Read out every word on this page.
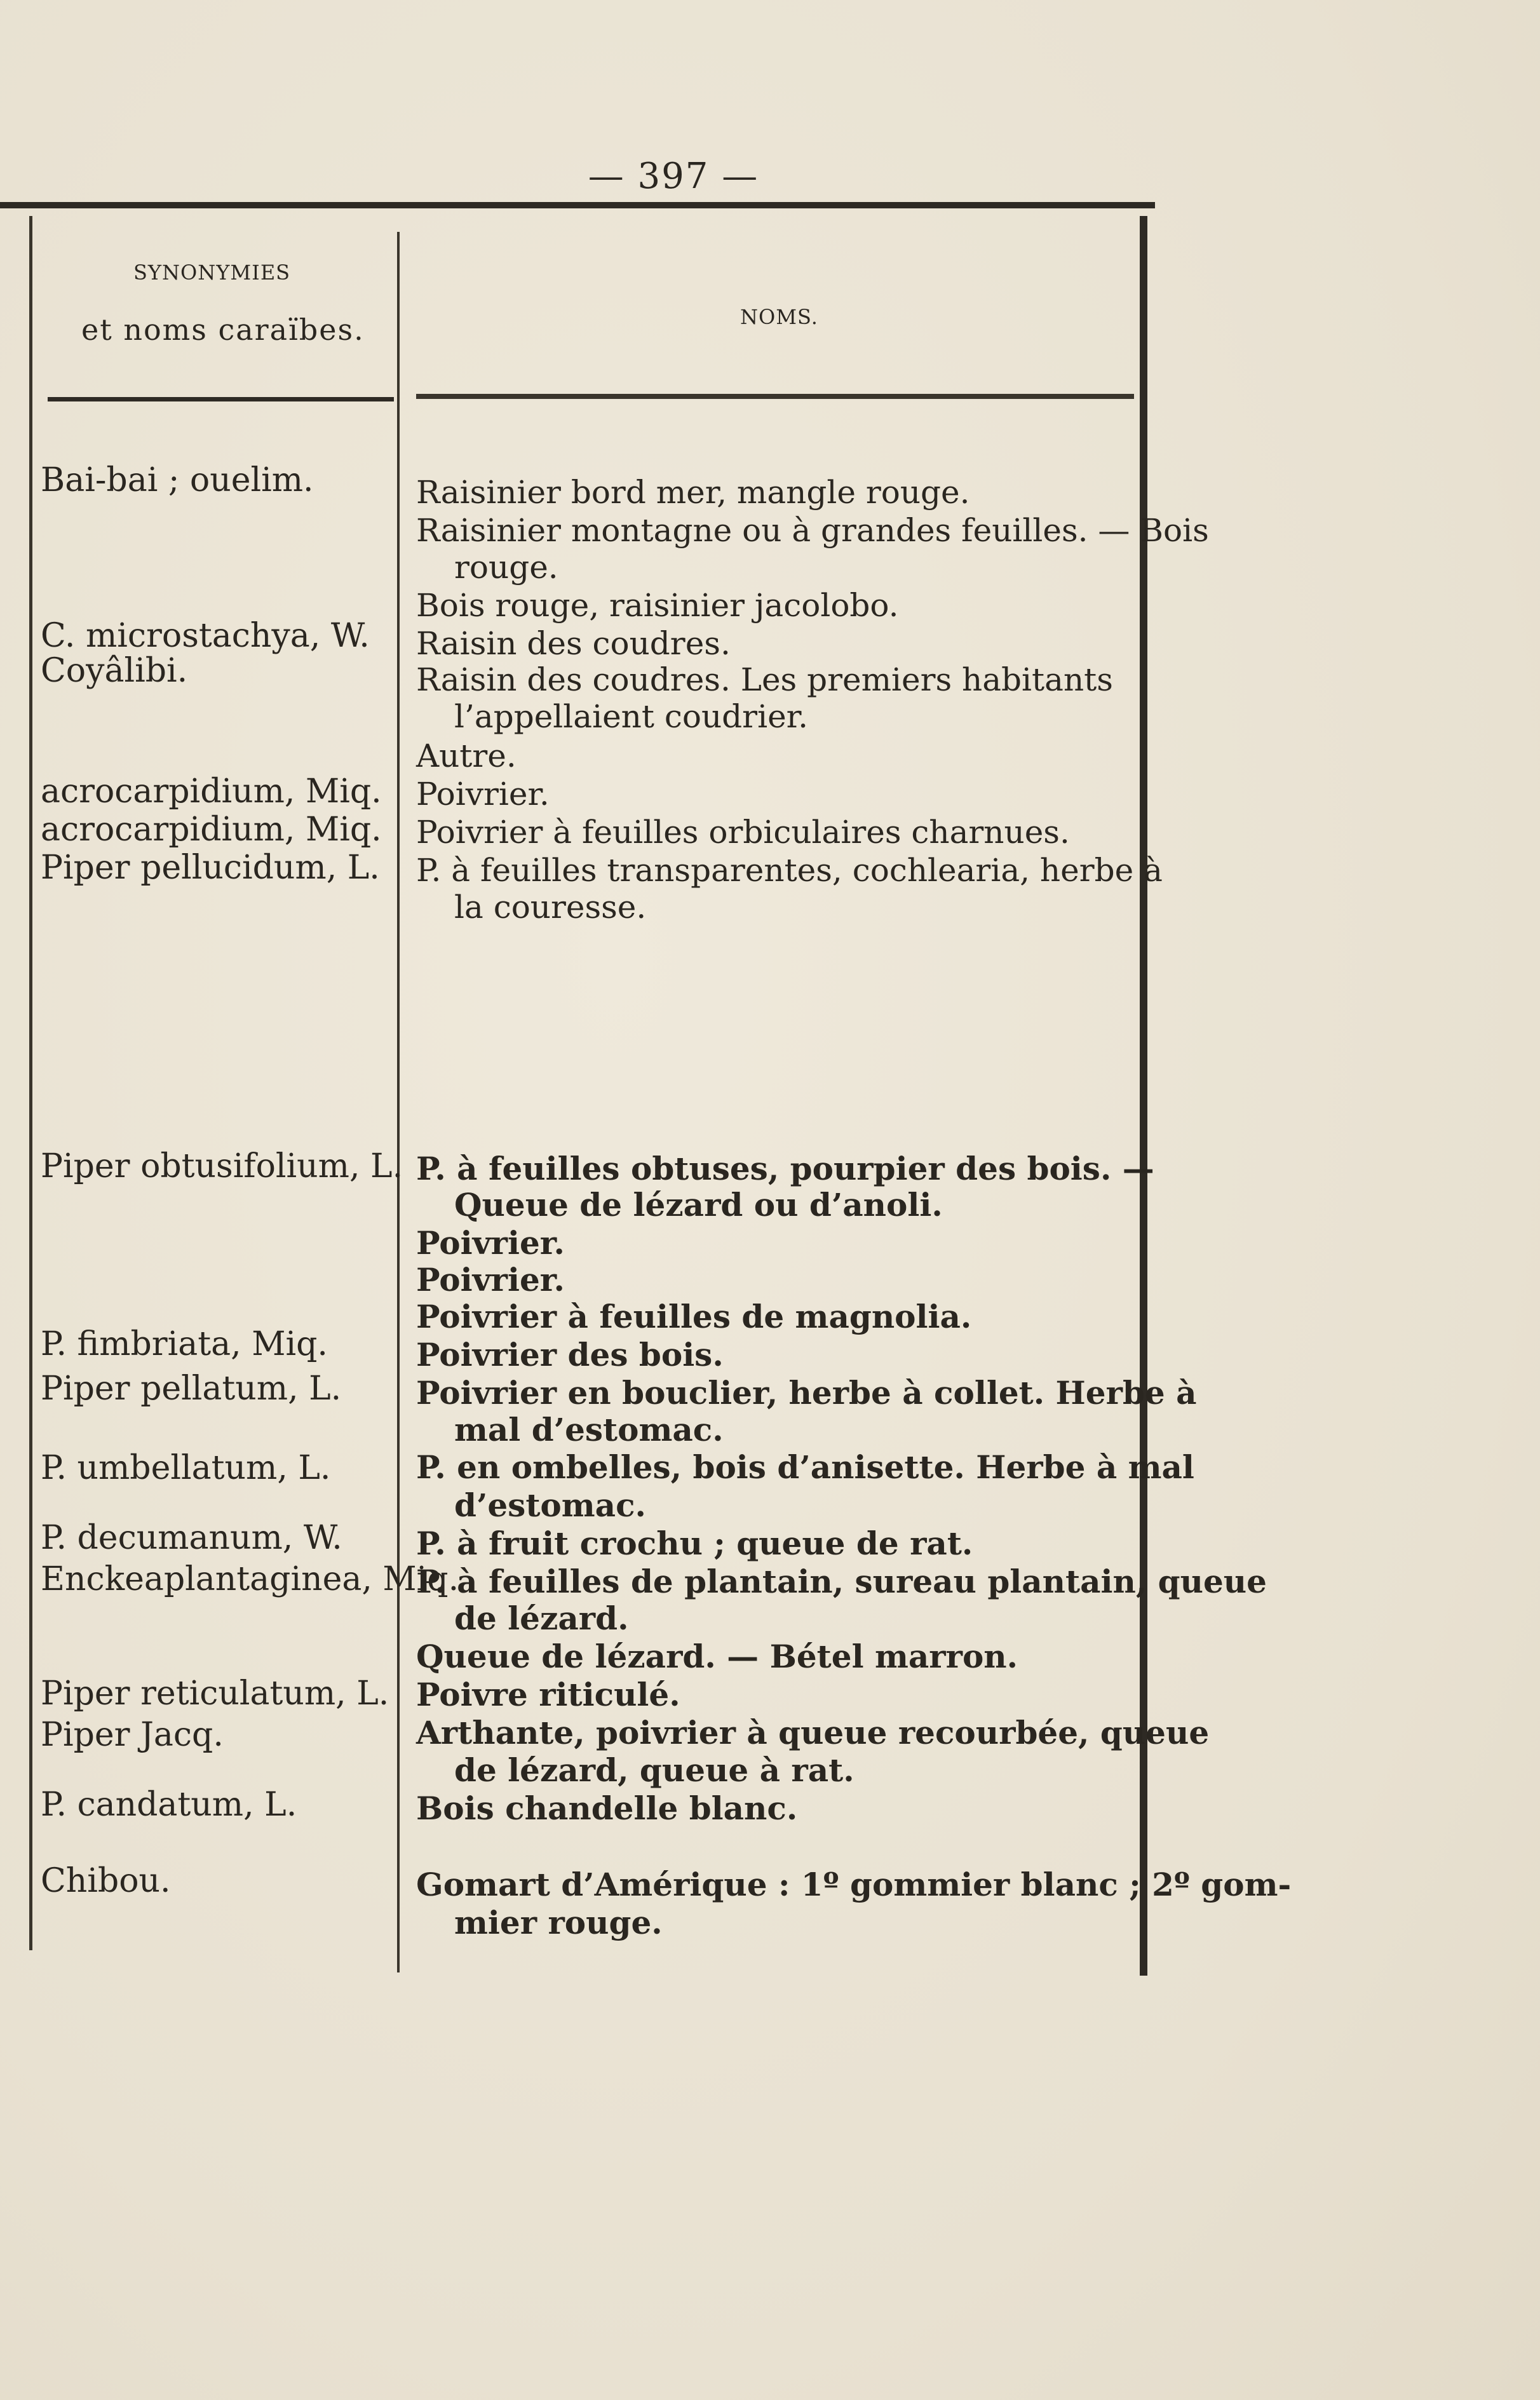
— 397 —
SYNONYMIES
et noms caraïbes.	NOMS.
Bai-bai ; ouelim.
C. microstachya, W.
Coyâlibi.
acrocarpidium, Miq.
acrocarpidium, Miq.
Piper pellucidum, L.
Piper obtusifolium, L.
P. fimbriata, Miq.
Piper pellatum, L.
P. umbellatum, L.
P. decumanum, W.
Enckeaplantaginea, Miq.
Piper reticulatum, L.
Piper Jacq.
P. candatum, L.
Chibou.
Raisinier bord mer, mangle rouge.
Raisinier montagne ou à grandes feuilles. — Bois
rouge.
Bois rouge, raisinier jacolobo.
Raisin des coudres.
Raisin des coudres. Les premiers habitants
l’appellaient coudrier.
Autre.
Poivrier.
Poivrier à feuilles orbiculaires charnues.
P. à feuilles transparentes, cochlearia, herbe à
la couresse.
P. à feuilles obtuses, pourpier des bois. —
Queue de lézard ou d’anoli.
Poivrier.
Poivrier.
Poivrier à feuilles de magnolia.
Poivrier des bois.
Poivrier en bouclier, herbe à collet. Herbe à
mal d’estomac.
P. en ombelles, bois d’anisette. Herbe à mal
d’estomac.
P. à fruit crochu ; queue de rat.
P. à feuilles de plantain, sureau plantain, queue
de lézard.
Queue de lézard. — Bétel marron.
Poivre riticulé.
Arthante, poivrier à queue recourbée, queue
de lézard, queue à rat.
Bois chandelle blanc.
Gomart d’Amérique : 1º gommier blanc ; 2º gom-
mier rouge.
